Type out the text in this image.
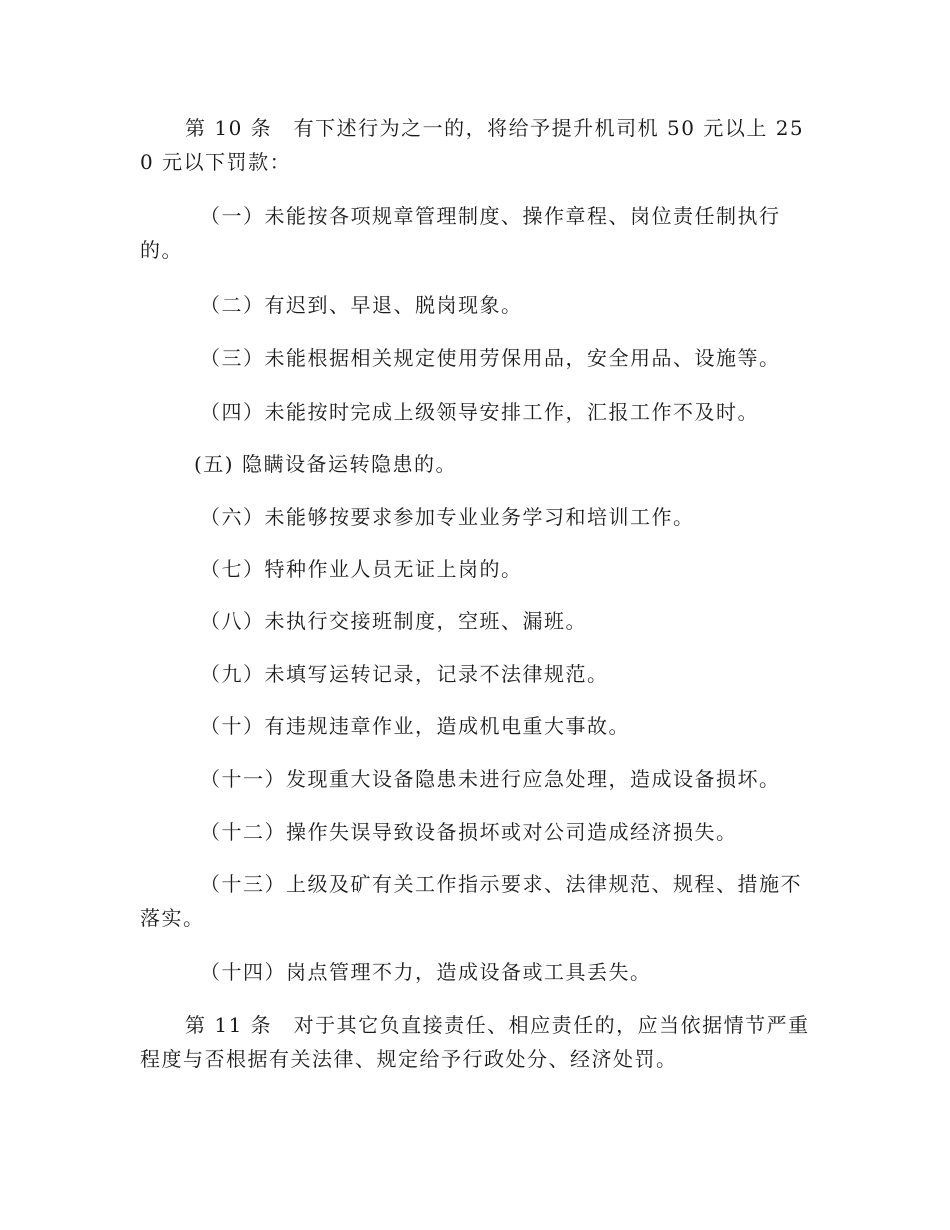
第 10 条  有下述行为之一的，将给予提升机司机 50 元以上 250 元以下罚款：

（一）未能按各项规章管理制度、操作章程、岗位责任制执行的。

（二）有迟到、早退、脱岗现象。

（三）未能根据相关规定使用劳保用品，安全用品、设施等。

（四）未能按时完成上级领导安排工作，汇报工作不及时。

(五) 隐瞒设备运转隐患的。

（六）未能够按要求参加专业业务学习和培训工作。

（七）特种作业人员无证上岗的。

（八）未执行交接班制度，空班、漏班。

（九）未填写运转记录，记录不法律规范。

（十）有违规违章作业，造成机电重大事故。

（十一）发现重大设备隐患未进行应急处理，造成设备损坏。

（十二）操作失误导致设备损坏或对公司造成经济损失。

（十三）上级及矿有关工作指示要求、法律规范、规程、措施不落实。

（十四）岗点管理不力，造成设备或工具丢失。

第 11 条  对于其它负直接责任、相应责任的，应当依据情节严重程度与否根据有关法律、规定给予行政处分、经济处罚。
